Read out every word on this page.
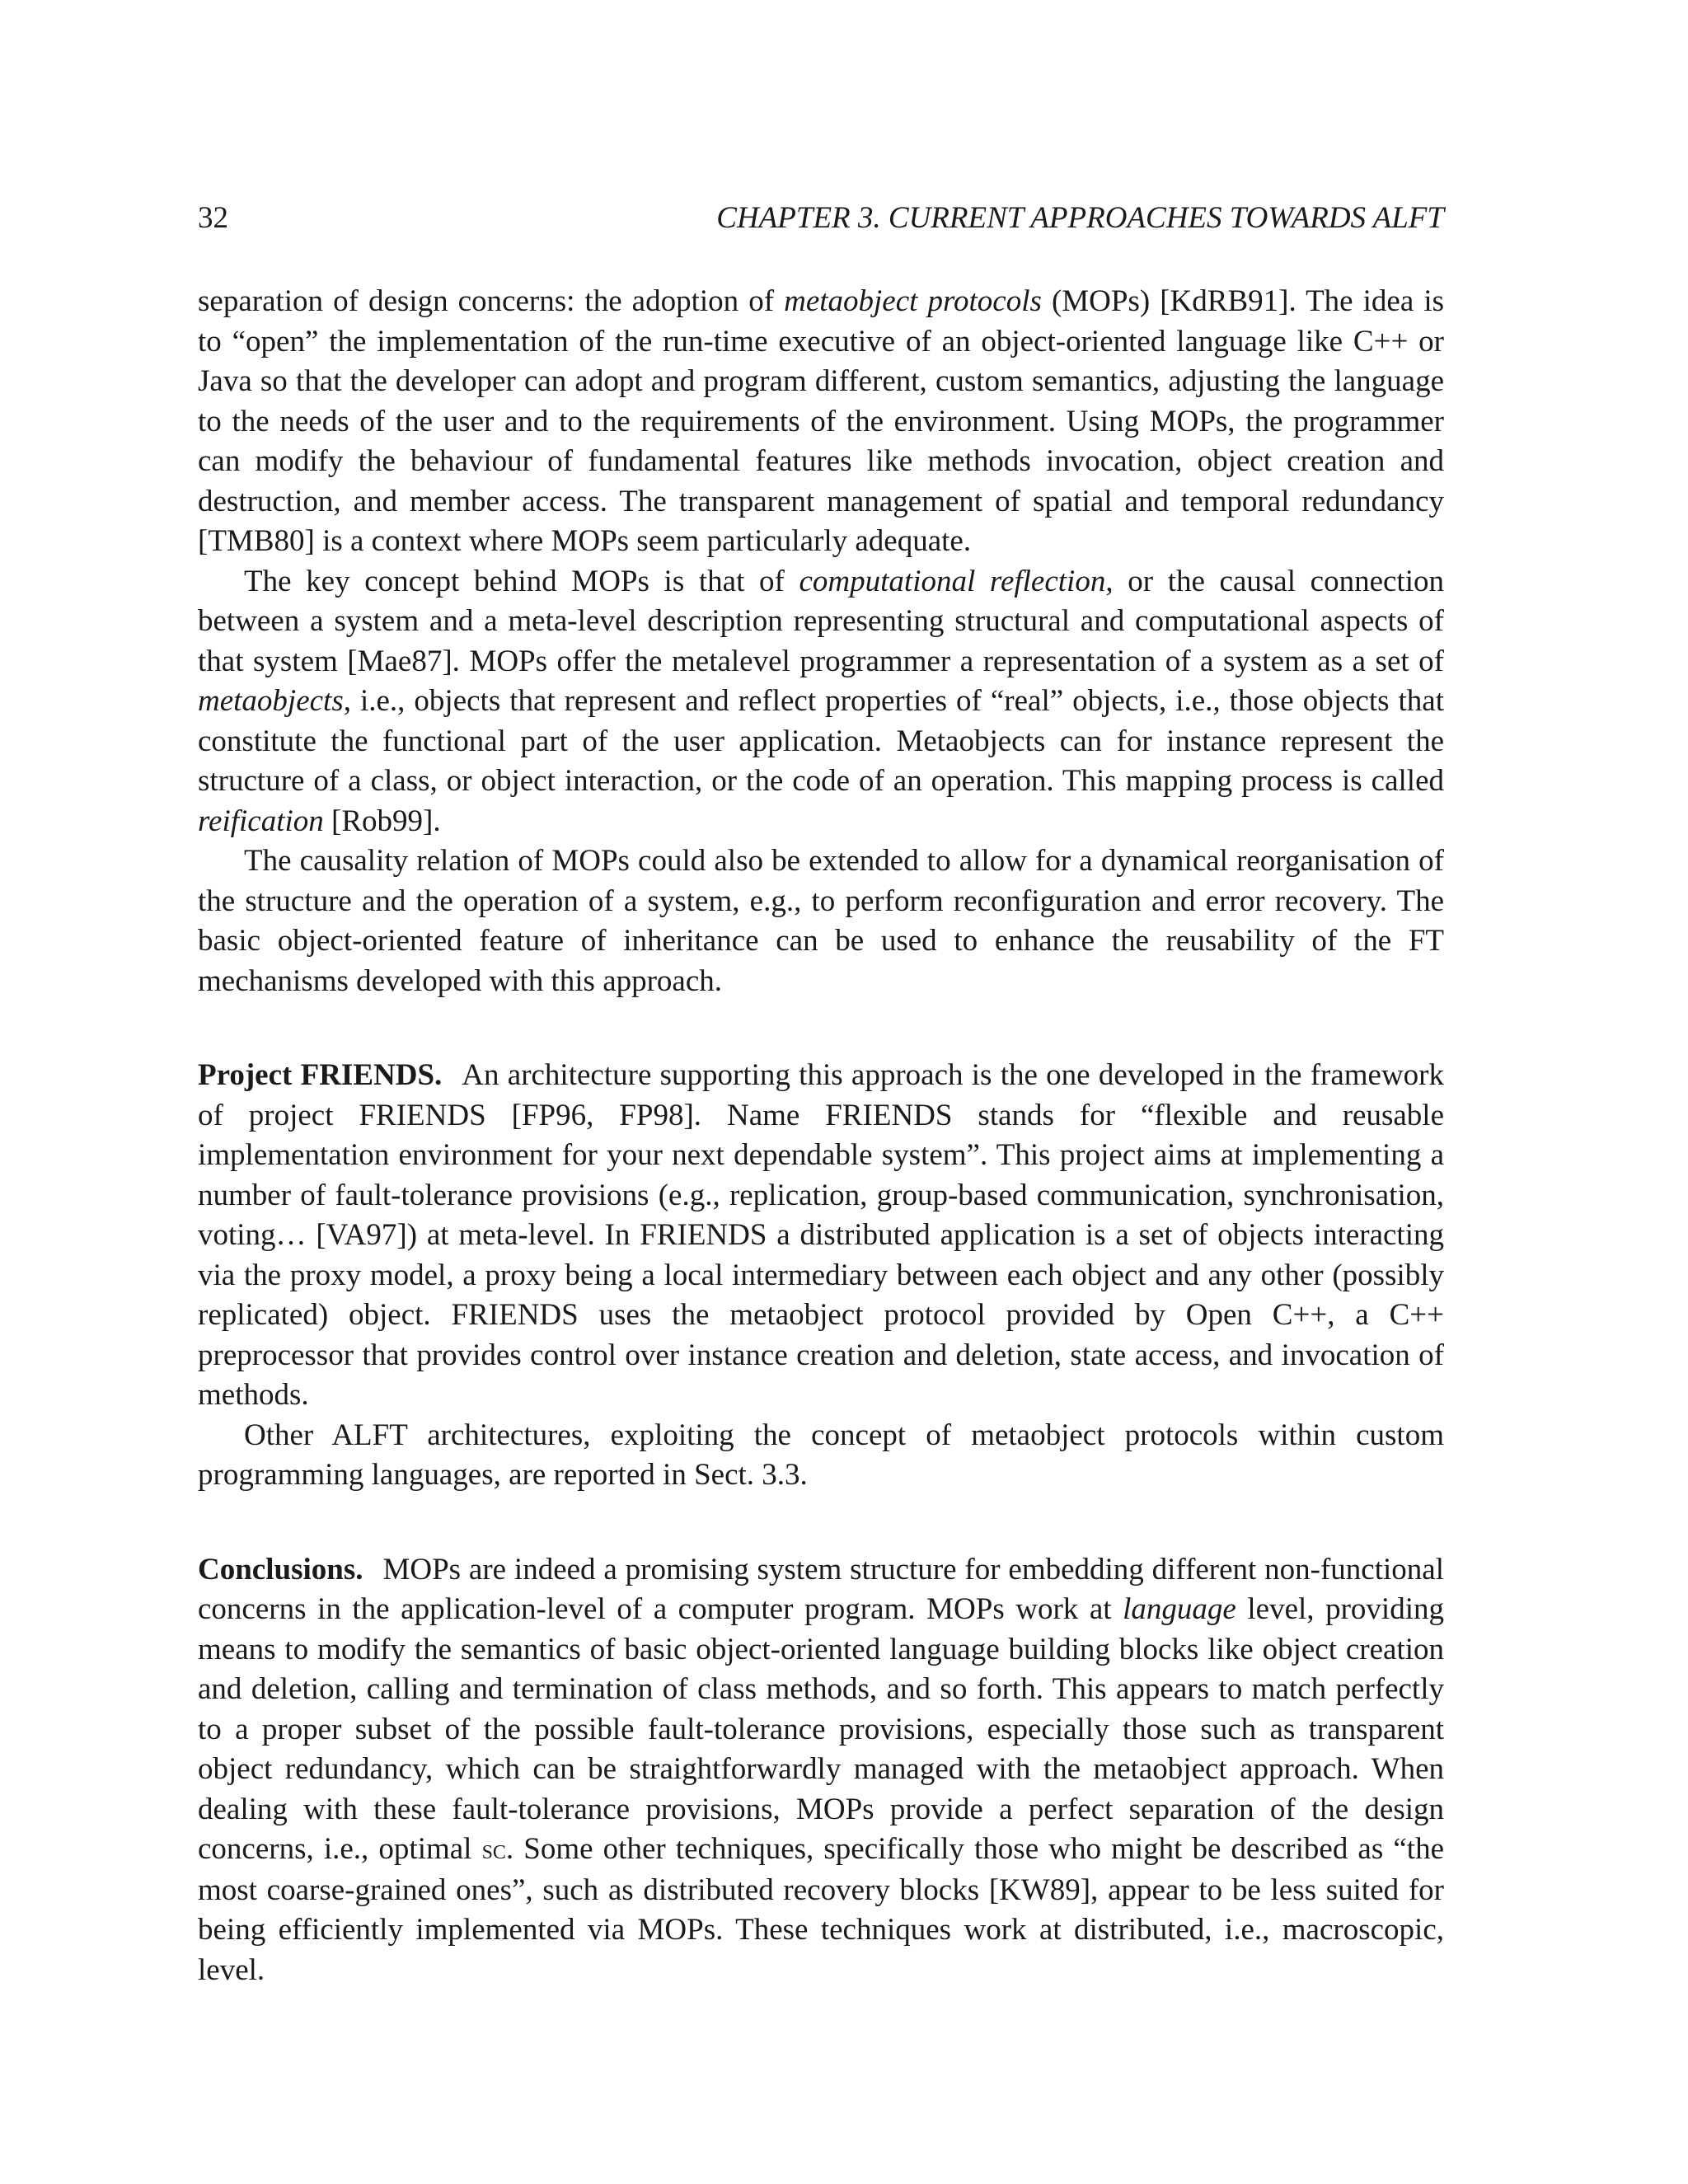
32	CHAPTER 3. CURRENT APPROACHES TOWARDS ALFT

separation of design concerns: the adoption of metaobject protocols (MOPs) [KdRB91]. The idea is to “open” the implementation of the run-time executive of an object-oriented language like C++ or Java so that the developer can adopt and program different, custom semantics, adjusting the language to the needs of the user and to the requirements of the environment. Using MOPs, the programmer can modify the behaviour of fundamental features like methods invocation, object creation and destruction, and member access. The transparent management of spatial and temporal redundancy [TMB80] is a context where MOPs seem particularly adequate.

The key concept behind MOPs is that of computational reflection, or the causal connection between a system and a meta-level description representing structural and computational aspects of that system [Mae87]. MOPs offer the metalevel programmer a representation of a system as a set of metaobjects, i.e., objects that represent and reflect properties of “real” objects, i.e., those objects that constitute the functional part of the user application. Metaobjects can for instance represent the structure of a class, or object interaction, or the code of an operation. This mapping process is called reification [Rob99].

The causality relation of MOPs could also be extended to allow for a dynamical reorganisation of the structure and the operation of a system, e.g., to perform reconfiguration and error recovery. The basic object-oriented feature of inheritance can be used to enhance the reusability of the FT mechanisms developed with this approach.

Project FRIENDS. An architecture supporting this approach is the one developed in the framework of project FRIENDS [FP96, FP98]. Name FRIENDS stands for “flexible and reusable implementation environment for your next dependable system”. This project aims at implementing a number of fault-tolerance provisions (e.g., replication, group-based communication, synchronisation, voting… [VA97]) at meta-level. In FRIENDS a distributed application is a set of objects interacting via the proxy model, a proxy being a local intermediary between each object and any other (possibly replicated) object. FRIENDS uses the metaobject protocol provided by Open C++, a C++ preprocessor that provides control over instance creation and deletion, state access, and invocation of methods.

Other ALFT architectures, exploiting the concept of metaobject protocols within custom programming languages, are reported in Sect. 3.3.

Conclusions. MOPs are indeed a promising system structure for embedding different non-functional concerns in the application-level of a computer program. MOPs work at language level, providing means to modify the semantics of basic object-oriented language building blocks like object creation and deletion, calling and termination of class methods, and so forth. This appears to match perfectly to a proper subset of the possible fault-tolerance provisions, especially those such as transparent object redundancy, which can be straightforwardly managed with the metaobject approach. When dealing with these fault-tolerance provisions, MOPs provide a perfect separation of the design concerns, i.e., optimal sc. Some other techniques, specifically those who might be described as “the most coarse-grained ones”, such as distributed recovery blocks [KW89], appear to be less suited for being efficiently implemented via MOPs. These techniques work at distributed, i.e., macroscopic, level.
